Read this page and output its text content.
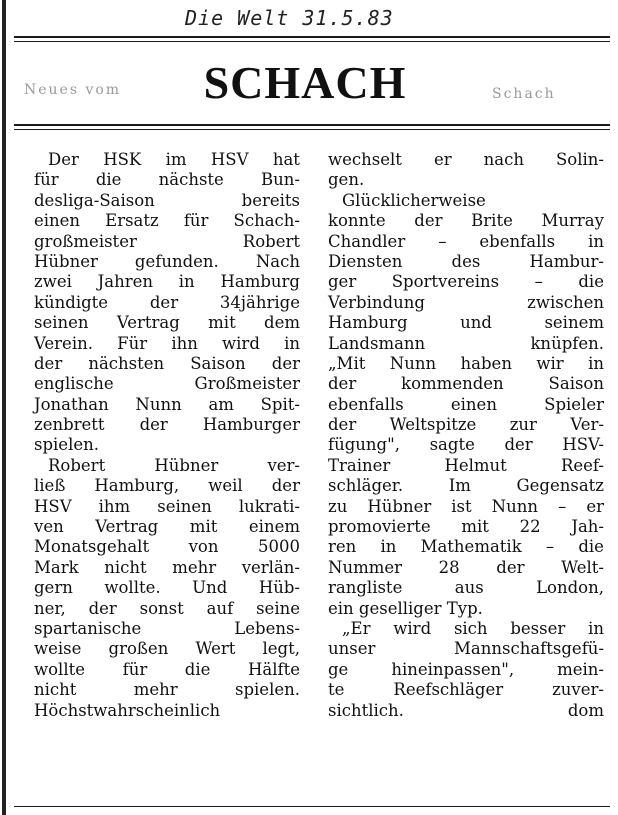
Die Welt 31.5.83
Neues vom	Schach
SCHACH
Der HSK im HSV hat
für die nächste Bun-
desliga-Saison	bereits
einen Ersatz für Schach-
großmeister	Robert
Hübner gefunden. Nach
zwei Jahren in Hamburg
kündigte	der	34jährige
seinen Vertrag mit dem
Verein. Für ihn wird in
der nächsten Saison der
englische	Großmeister
Jonathan Nunn am Spit-
zenbrett der Hamburger
spielen.
Robert	Hübner	ver-
ließ Hamburg, weil der
HSV ihm seinen lukrati-
ven Vertrag mit einem
Monatsgehalt von 5000
Mark nicht mehr verlän-
gern wollte. Und Hüb-
ner, der sonst auf seine
spartanische	Lebens-
weise großen Wert legt,
wollte für die Hälfte
nicht	mehr	spielen.
Höchstwahrscheinlich
wechselt er nach Solin-
gen.
Glücklicherweise
konnte der Brite Murray
Chandler – ebenfalls in
Diensten	des	Hambur-
ger Sportvereins – die
Verbindung	zwischen
Hamburg	und	seinem
Landsmann	knüpfen.
„Mit Nunn haben wir in
der	kommenden	Saison
ebenfalls	einen	Spieler
der Weltspitze zur Ver-
fügung", sagte der HSV-
Trainer	Helmut	Reef-
schläger.	Im	Gegensatz
zu Hübner ist Nunn – er
promovierte mit 22 Jah-
ren in Mathematik – die
Nummer 28 der Welt-
rangliste	aus	London,
ein geselliger Typ.
„Er wird sich besser in
unser	Mannschaftsgefü-
ge	hineinpassen",	mein-
te	Reefschläger	zuver-
sichtlich.	dom
